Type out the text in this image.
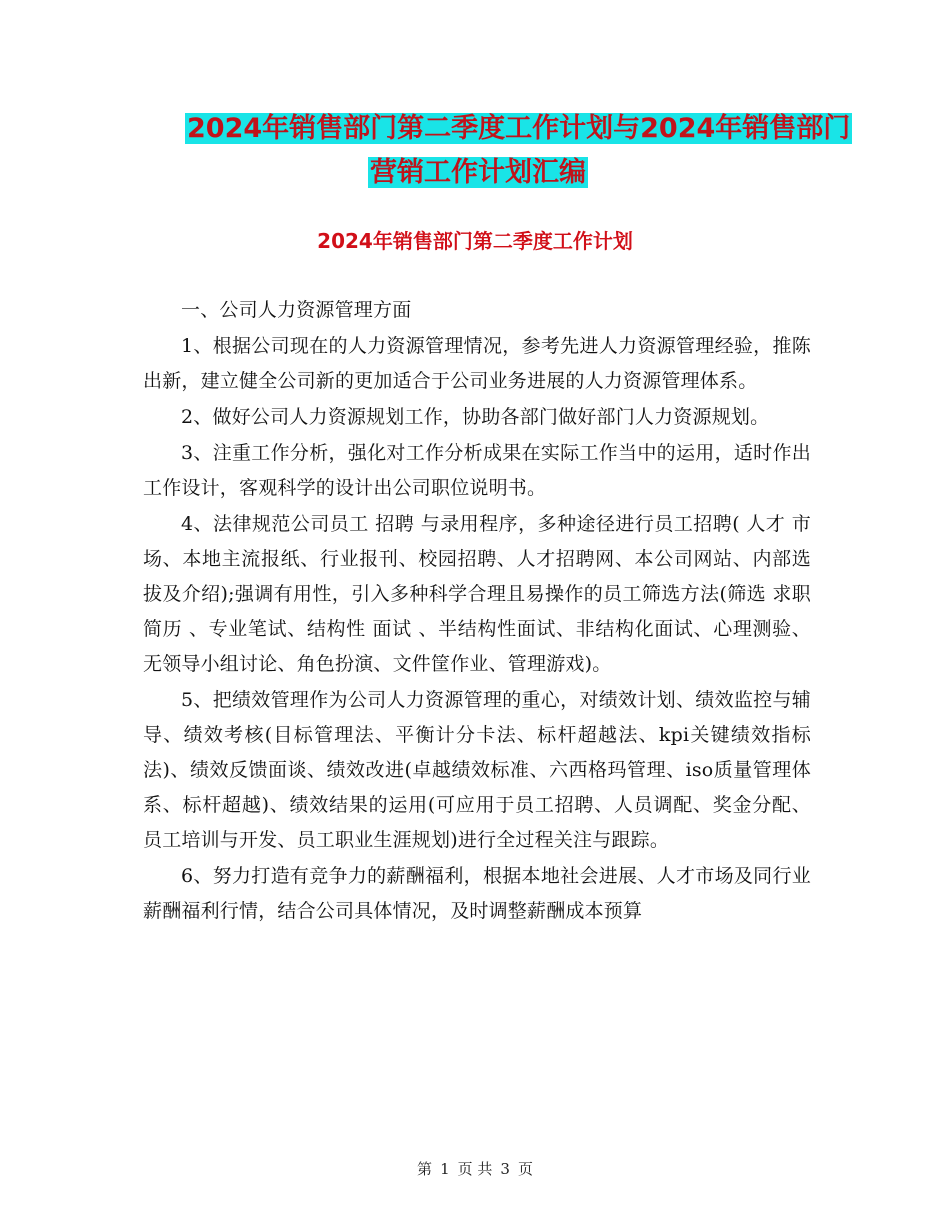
2024年销售部门第二季度工作计划与2024年销售部门
营销工作计划汇编
2024年销售部门第二季度工作计划

一、公司人力资源管理方面

1、根据公司现在的人力资源管理情况，参考先进人力资源管理经验，推陈出新，建立健全公司新的更加适合于公司业务进展的人力资源管理体系。

2、做好公司人力资源规划工作，协助各部门做好部门人力资源规划。

3、注重工作分析，强化对工作分析成果在实际工作当中的运用，适时作出工作设计，客观科学的设计出公司职位说明书。

4、法律规范公司员工 招聘 与录用程序，多种途径进行员工招聘( 人才 市场、本地主流报纸、行业报刊、校园招聘、人才招聘网、本公司网站、内部选拔及介绍);强调有用性，引入多种科学合理且易操作的员工筛选方法(筛选 求职 简历 、专业笔试、结构性 面试 、半结构性面试、非结构化面试、心理测验、无领导小组讨论、角色扮演、文件筐作业、管理游戏)。

5、把绩效管理作为公司人力资源管理的重心，对绩效计划、绩效监控与辅导、绩效考核(目标管理法、平衡计分卡法、标杆超越法、kpi关键绩效指标法)、绩效反馈面谈、绩效改进(卓越绩效标准、六西格玛管理、iso质量管理体系、标杆超越)、绩效结果的运用(可应用于员工招聘、人员调配、奖金分配、员工培训与开发、员工职业生涯规划)进行全过程关注与跟踪。

6、努力打造有竞争力的薪酬福利，根据本地社会进展、人才市场及同行业薪酬福利行情，结合公司具体情况，及时调整薪酬成本预算

第 1 页 共 3 页
